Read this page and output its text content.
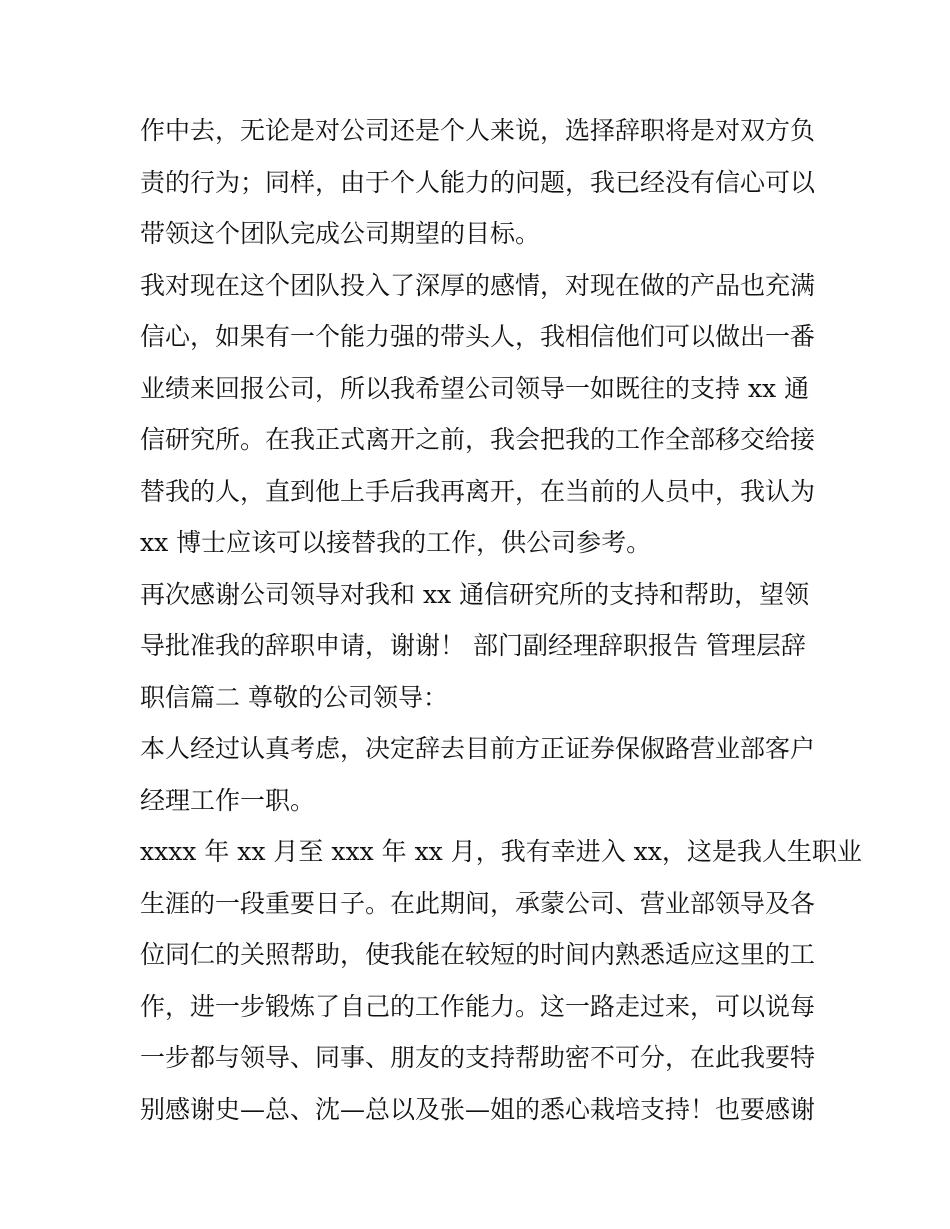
作中去，无论是对公司还是个人来说，选择辞职将是对双方负
责的行为；同样，由于个人能力的问题，我已经没有信心可以
带领这个团队完成公司期望的目标。
我对现在这个团队投入了深厚的感情，对现在做的产品也充满
信心，如果有一个能力强的带头人，我相信他们可以做出一番
业绩来回报公司，所以我希望公司领导一如既往的支持 xx 通
信研究所。在我正式离开之前，我会把我的工作全部移交给接
替我的人，直到他上手后我再离开，在当前的人员中，我认为
xx 博士应该可以接替我的工作，供公司参考。
再次感谢公司领导对我和 xx 通信研究所的支持和帮助，望领
导批准我的辞职申请，谢谢！ 部门副经理辞职报告 管理层辞
职信篇二 尊敬的公司领导：
本人经过认真考虑，决定辞去目前方正证券保俶路营业部客户
经理工作一职。
xxxx 年 xx 月至 xxx 年 xx 月，我有幸进入 xx，这是我人生职业
生涯的一段重要日子。在此期间，承蒙公司、营业部领导及各
位同仁的关照帮助，使我能在较短的时间内熟悉适应这里的工
作，进一步锻炼了自己的工作能力。这一路走过来，可以说每
一步都与领导、同事、朋友的支持帮助密不可分，在此我要特
别感谢史—总、沈—总以及张—姐的悉心栽培支持！也要感谢
